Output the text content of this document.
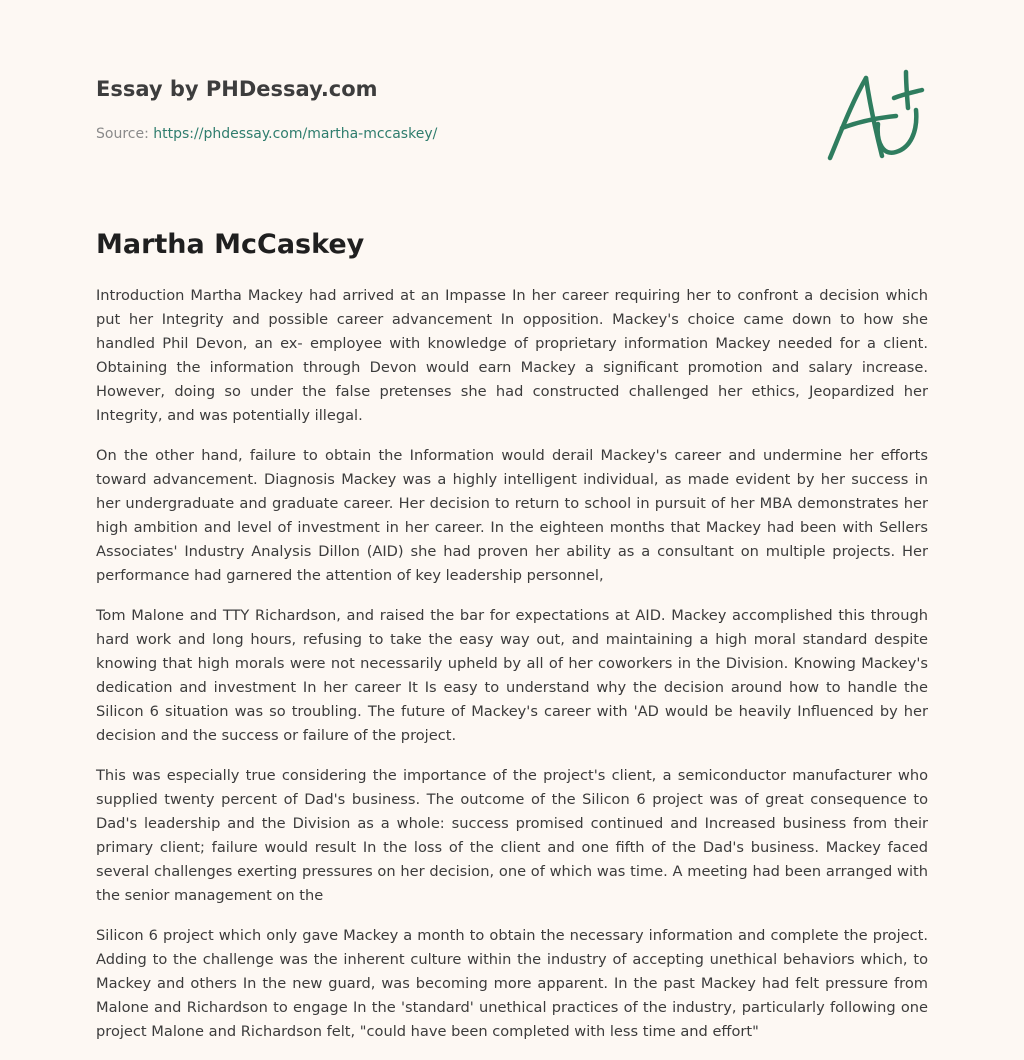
Essay by PHDessay.com
Source: https://phdessay.com/martha-mccaskey/
Martha McCaskey

Introduction Martha Mackey had arrived at an Impasse In her career requiring her to confront a decision which put her Integrity and possible career advancement In opposition. Mackey's choice came down to how she handled Phil Devon, an ex- employee with knowledge of proprietary information Mackey needed for a client. Obtaining the information through Devon would earn Mackey a significant promotion and salary increase. However, doing so under the false pretenses she had constructed challenged her ethics, Jeopardized her Integrity, and was potentially illegal.

On the other hand, failure to obtain the Information would derail Mackey's career and undermine her efforts toward advancement. Diagnosis Mackey was a highly intelligent individual, as made evident by her success in her undergraduate and graduate career. Her decision to return to school in pursuit of her MBA demonstrates her high ambition and level of investment in her career. In the eighteen months that Mackey had been with Sellers Associates' Industry Analysis Dillon (AID) she had proven her ability as a consultant on multiple projects. Her performance had garnered the attention of key leadership personnel,

Tom Malone and TTY Richardson, and raised the bar for expectations at AID. Mackey accomplished this through hard work and long hours, refusing to take the easy way out, and maintaining a high moral standard despite knowing that high morals were not necessarily upheld by all of her coworkers in the Division. Knowing Mackey's dedication and investment In her career It Is easy to understand why the decision around how to handle the Silicon 6 situation was so troubling. The future of Mackey's career with 'AD would be heavily Influenced by her decision and the success or failure of the project.

This was especially true considering the importance of the project's client, a semiconductor manufacturer who supplied twenty percent of Dad's business. The outcome of the Silicon 6 project was of great consequence to Dad's leadership and the Division as a whole: success promised continued and Increased business from their primary client; failure would result In the loss of the client and one fifth of the Dad's business. Mackey faced several challenges exerting pressures on her decision, one of which was time. A meeting had been arranged with the senior management on the

Silicon 6 project which only gave Mackey a month to obtain the necessary information and complete the project. Adding to the challenge was the inherent culture within the industry of accepting unethical behaviors which, to Mackey and others In the new guard, was becoming more apparent. In the past Mackey had felt pressure from Malone and Richardson to engage In the 'standard' unethical practices of the industry, particularly following one project Malone and Richardson felt, "could have been completed with less time and effort"
